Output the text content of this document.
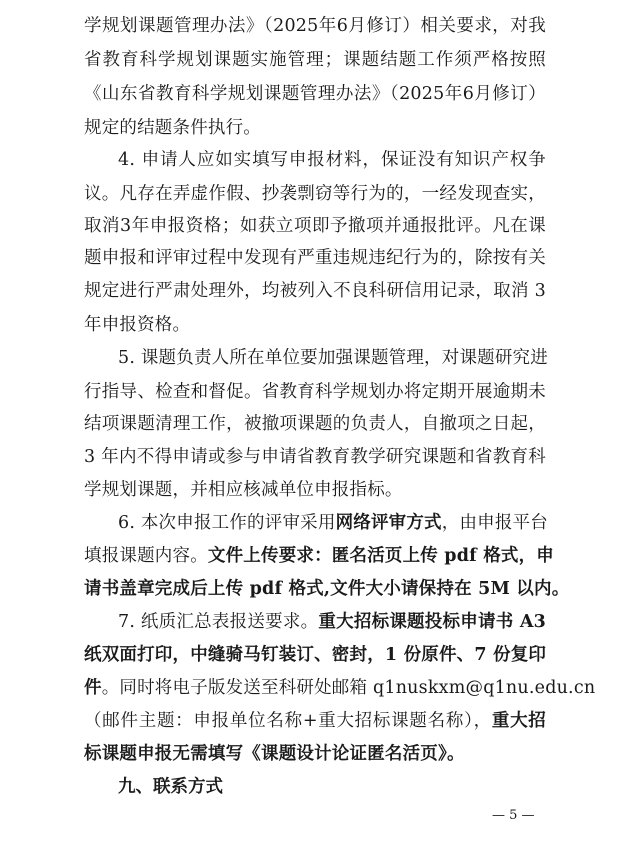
学规划课题管理办法》（2025年6月修订）相关要求，对我
省教育科学规划课题实施管理；课题结题工作须严格按照
《山东省教育科学规划课题管理办法》（2025年6月修订）
规定的结题条件执行。
4. 申请人应如实填写申报材料，保证没有知识产权争
议。凡存在弄虚作假、抄袭剽窃等行为的，一经发现查实，
取消3年申报资格；如获立项即予撤项并通报批评。凡在课
题申报和评审过程中发现有严重违规违纪行为的，除按有关
规定进行严肃处理外，均被列入不良科研信用记录，取消 3
年申报资格。
5. 课题负责人所在单位要加强课题管理，对课题研究进
行指导、检查和督促。省教育科学规划办将定期开展逾期未
结项课题清理工作，被撤项课题的负责人，自撤项之日起，
3 年内不得申请或参与申请省教育教学研究课题和省教育科
学规划课题，并相应核减单位申报指标。
6. 本次申报工作的评审采用网络评审方式，由申报平台
填报课题内容。文件上传要求：匿名活页上传 pdf 格式，申
请书盖章完成后上传 pdf 格式,文件大小请保持在 5M 以内。
7. 纸质汇总表报送要求。重大招标课题投标申请书 A3
纸双面打印，中缝骑马钉装订、密封，1 份原件、7 份复印
件。同时将电子版发送至科研处邮箱 q1nuskxm@q1nu.edu.cn
（邮件主题：申报单位名称+重大招标课题名称），重大招
标课题申报无需填写《课题设计论证匿名活页》。
九、联系方式
— 5 —
